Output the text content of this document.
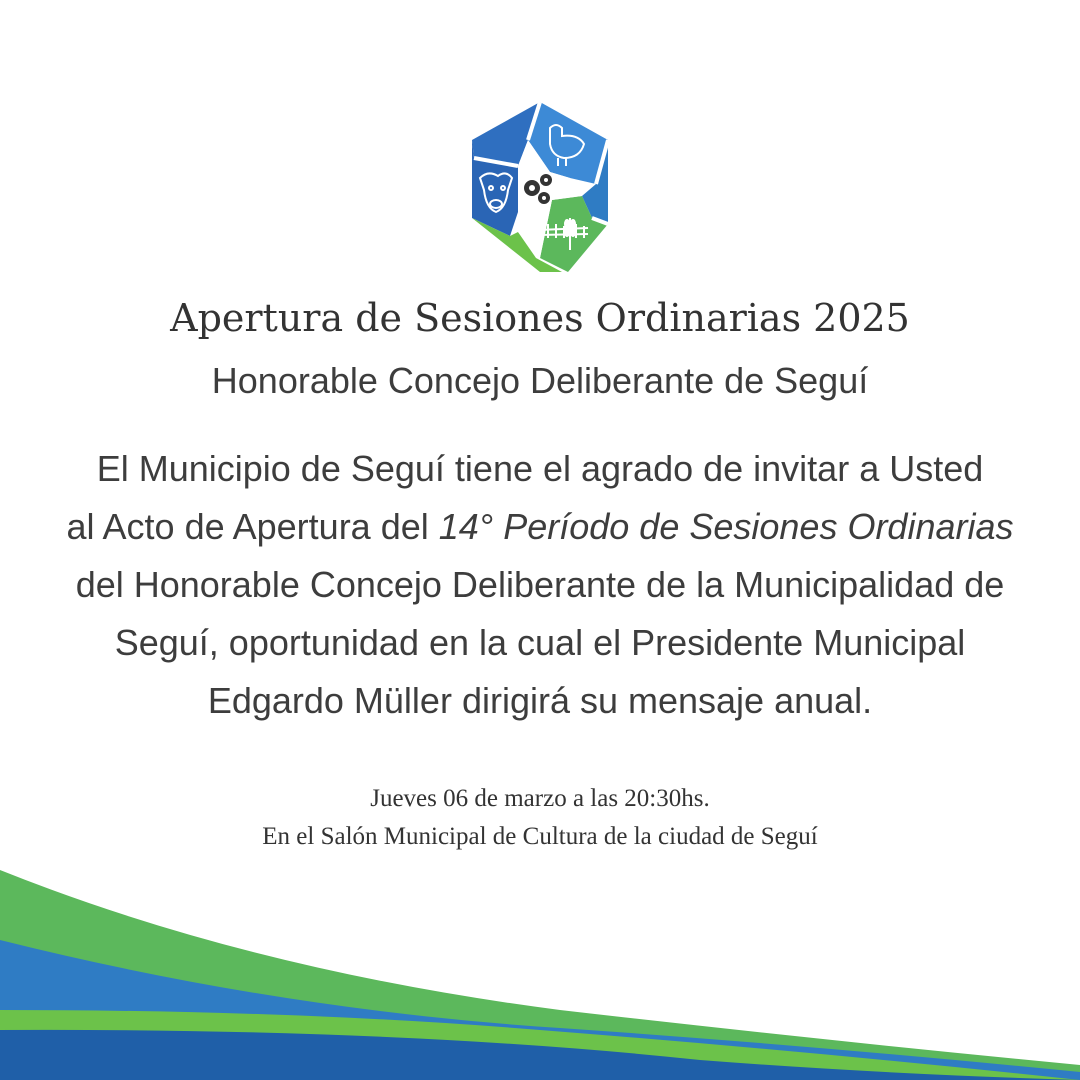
Apertura de Sesiones Ordinarias 2025
Honorable Concejo Deliberante de Seguí
El Municipio de Seguí tiene el agrado de invitar a Usted
al Acto de Apertura del 14° Período de Sesiones Ordinarias
del Honorable Concejo Deliberante de la Municipalidad de
Seguí, oportunidad en la cual el Presidente Municipal
Edgardo Müller dirigirá su mensaje anual.
Jueves 06 de marzo a las 20:30hs.
En el Salón Municipal de Cultura de la ciudad de Seguí
